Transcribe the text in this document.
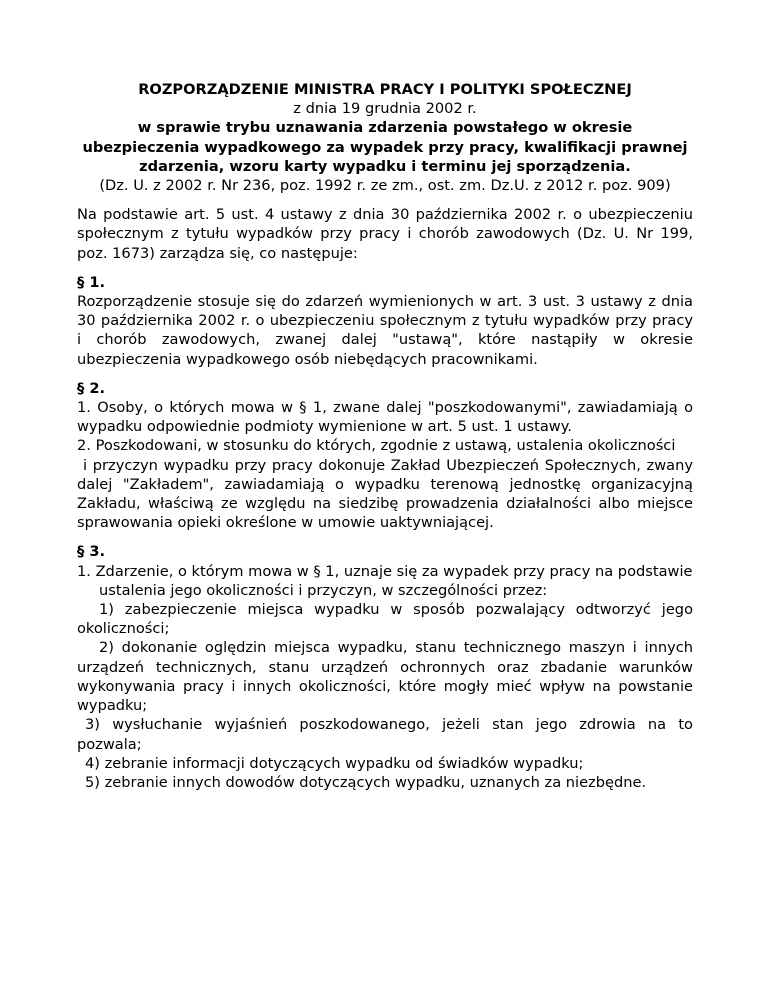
ROZPORZĄDZENIE MINISTRA PRACY I POLITYKI SPOŁECZNEJ

z dnia 19 grudnia 2002 r.

w sprawie trybu uznawania zdarzenia powstałego w okresie ubezpieczenia wypadkowego za wypadek przy pracy, kwalifikacji prawnej zdarzenia, wzoru karty wypadku i terminu jej sporządzenia.

(Dz. U. z 2002 r. Nr 236, poz. 1992 r. ze zm., ost. zm. Dz.U. z 2012 r. poz. 909)

Na podstawie art. 5 ust. 4 ustawy z dnia 30 października 2002 r. o ubezpieczeniu społecznym z tytułu wypadków przy pracy i chorób zawodowych (Dz. U. Nr 199, poz. 1673) zarządza się, co następuje:

§ 1.

Rozporządzenie stosuje się do zdarzeń wymienionych w art. 3 ust. 3 ustawy z dnia 30 października 2002 r. o ubezpieczeniu społecznym z tytułu wypadków przy pracy i chorób zawodowych, zwanej dalej "ustawą", które nastąpiły w okresie ubezpieczenia wypadkowego osób niebędących pracownikami.

§ 2.

1. Osoby, o których mowa w § 1, zwane dalej "poszkodowanymi", zawiadamiają o wypadku odpowiednie podmioty wymienione w art. 5 ust. 1 ustawy.

2. Poszkodowani, w stosunku do których, zgodnie z ustawą, ustalenia okoliczności

i przyczyn wypadku przy pracy dokonuje Zakład Ubezpieczeń Społecznych, zwany dalej "Zakładem", zawiadamiają o wypadku terenową jednostkę organizacyjną Zakładu, właściwą ze względu na siedzibę prowadzenia działalności albo miejsce sprawowania opieki określone w umowie uaktywniającej.

§ 3.

1. Zdarzenie, o którym mowa w § 1, uznaje się za wypadek przy pracy na podstawie

ustalenia jego okoliczności i przyczyn, w szczególności przez:

1) zabezpieczenie miejsca wypadku w sposób pozwalający odtworzyć jego okoliczności;

2) dokonanie oględzin miejsca wypadku, stanu technicznego maszyn i innych urządzeń technicznych, stanu urządzeń ochronnych oraz zbadanie warunków wykonywania pracy i innych okoliczności, które mogły mieć wpływ na powstanie wypadku;

3) wysłuchanie wyjaśnień poszkodowanego, jeżeli stan jego zdrowia na to pozwala;

4) zebranie informacji dotyczących wypadku od świadków wypadku;

5) zebranie innych dowodów dotyczących wypadku, uznanych za niezbędne.
